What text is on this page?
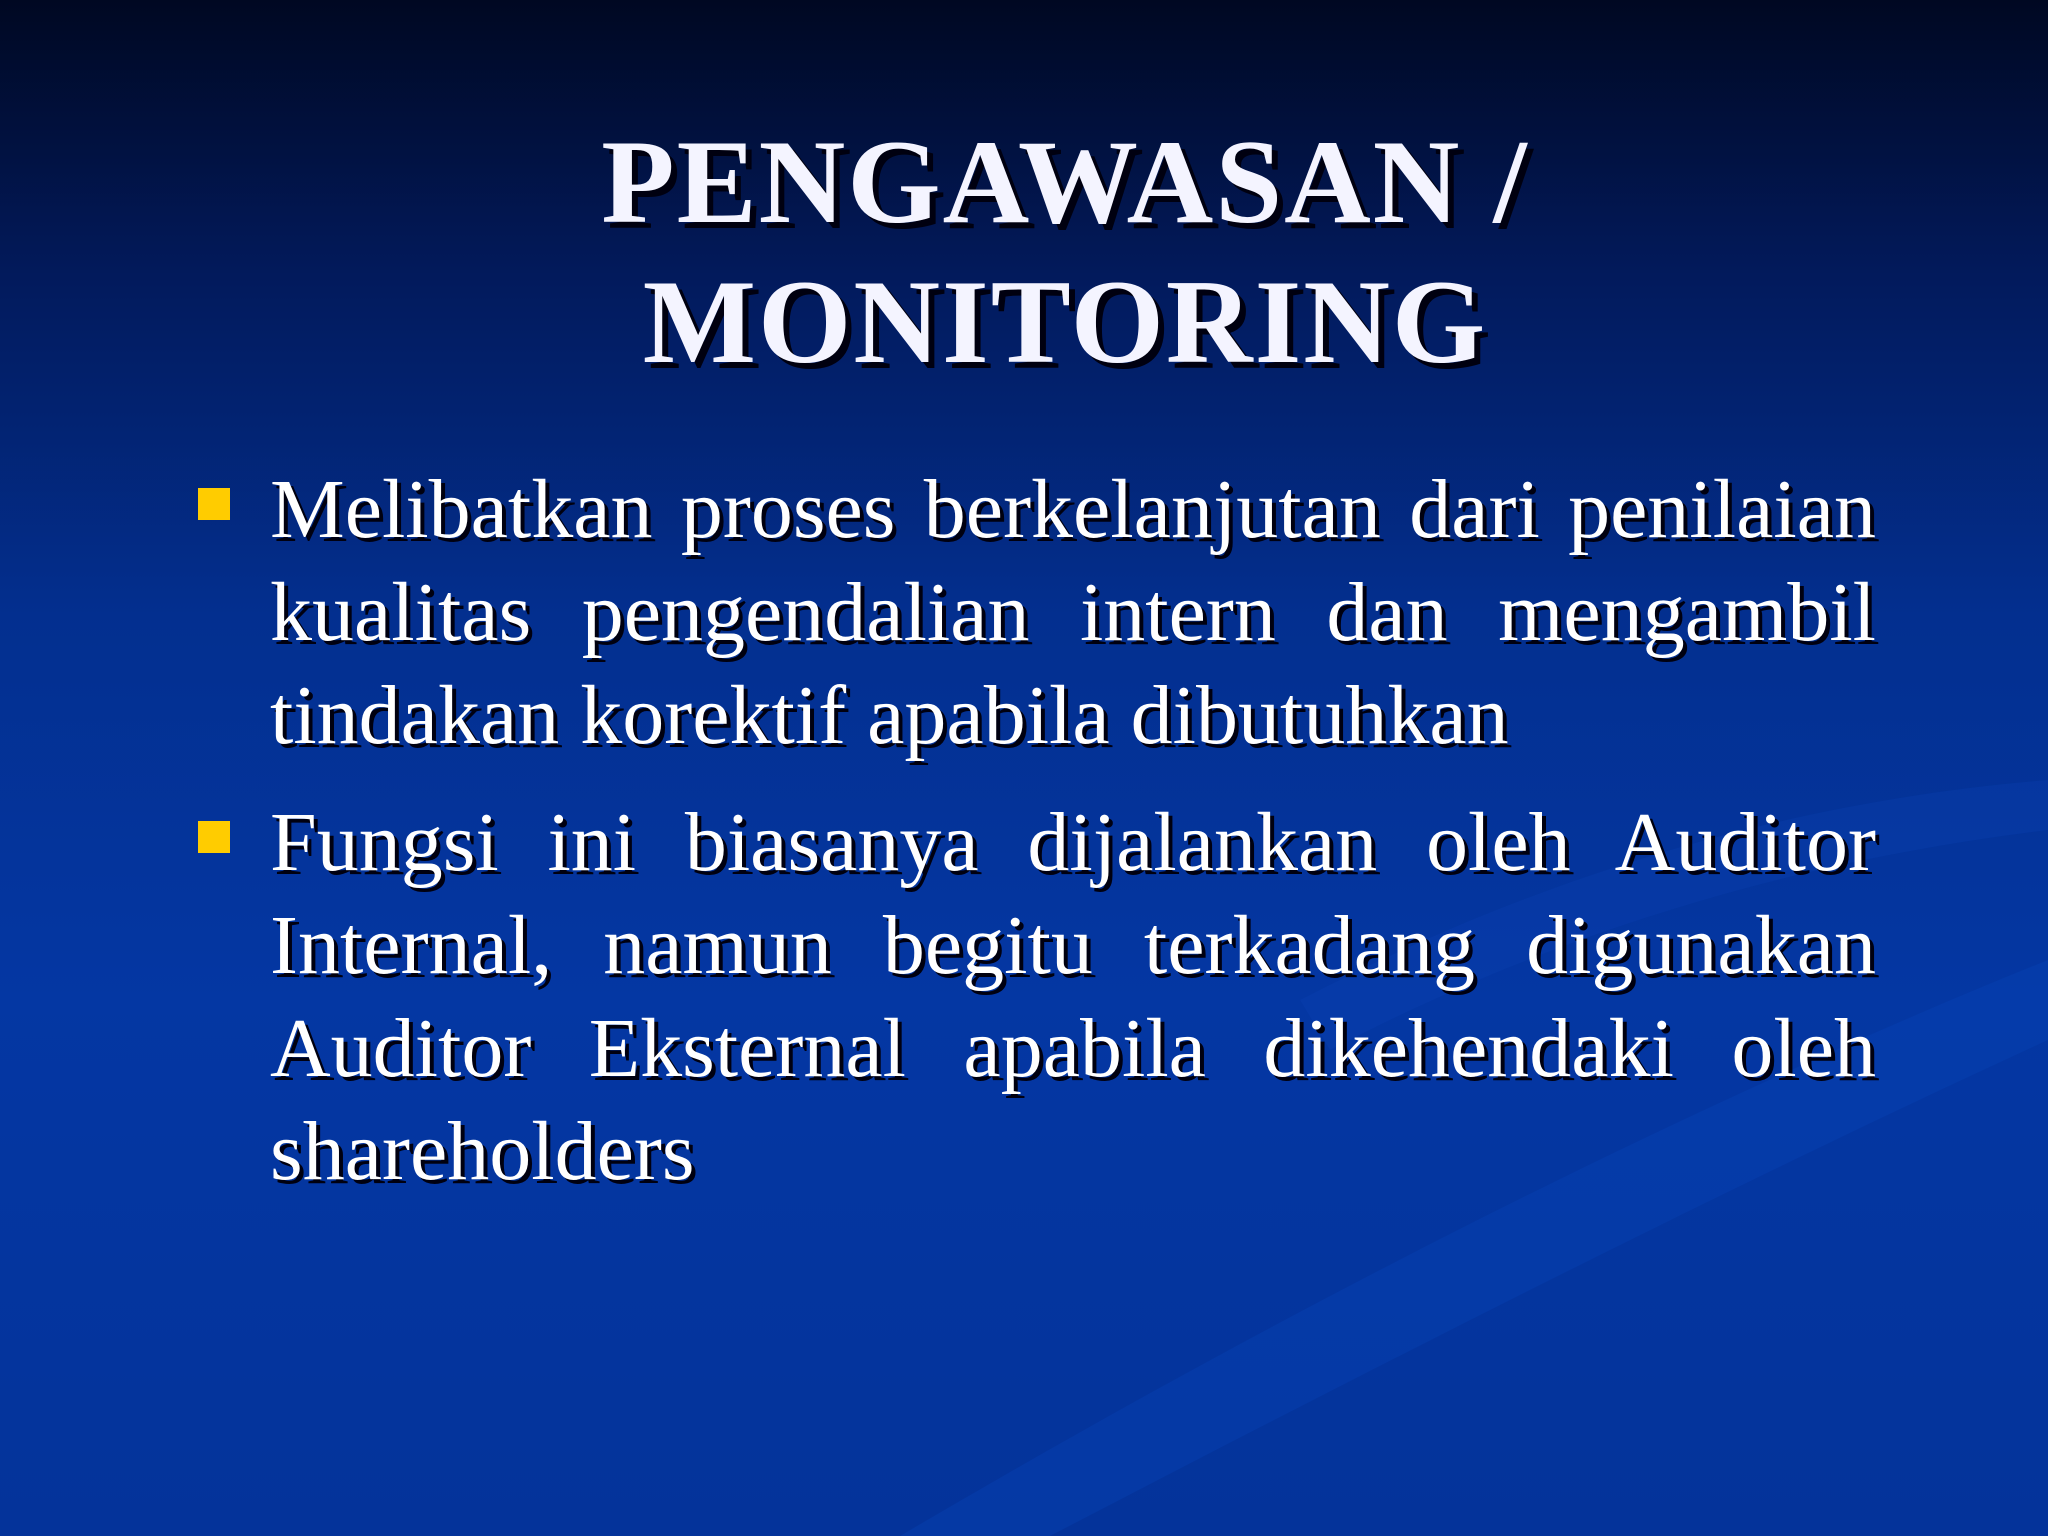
PENGAWASAN /
MONITORING
Melibatkan proses berkelanjutan dari penilaian kualitas pengendalian intern dan mengambil tindakan korektif apabila dibutuhkan
Fungsi ini biasanya dijalankan oleh Auditor Internal, namun begitu terkadang digunakan Auditor Eksternal apabila dikehendaki oleh shareholders
